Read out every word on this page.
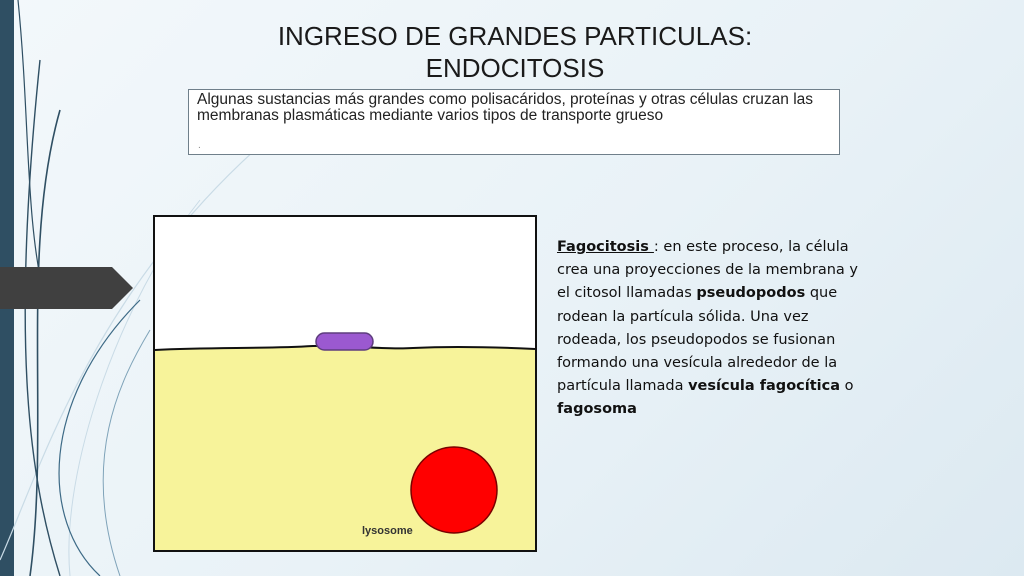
INGRESO DE GRANDES PARTICULAS:
ENDOCITOSIS
Algunas sustancias más grandes como polisacáridos, proteínas y otras células cruzan las membranas plasmáticas mediante varios tipos de transporte grueso
.
lysosome
Fagocitosis : en este proceso, la célula crea una proyecciones de la membrana y el citosol llamadas pseudopodos que rodean la partícula sólida. Una vez rodeada, los pseudopodos se fusionan formando una vesícula alrededor de la partícula llamada vesícula fagocítica o fagosoma
